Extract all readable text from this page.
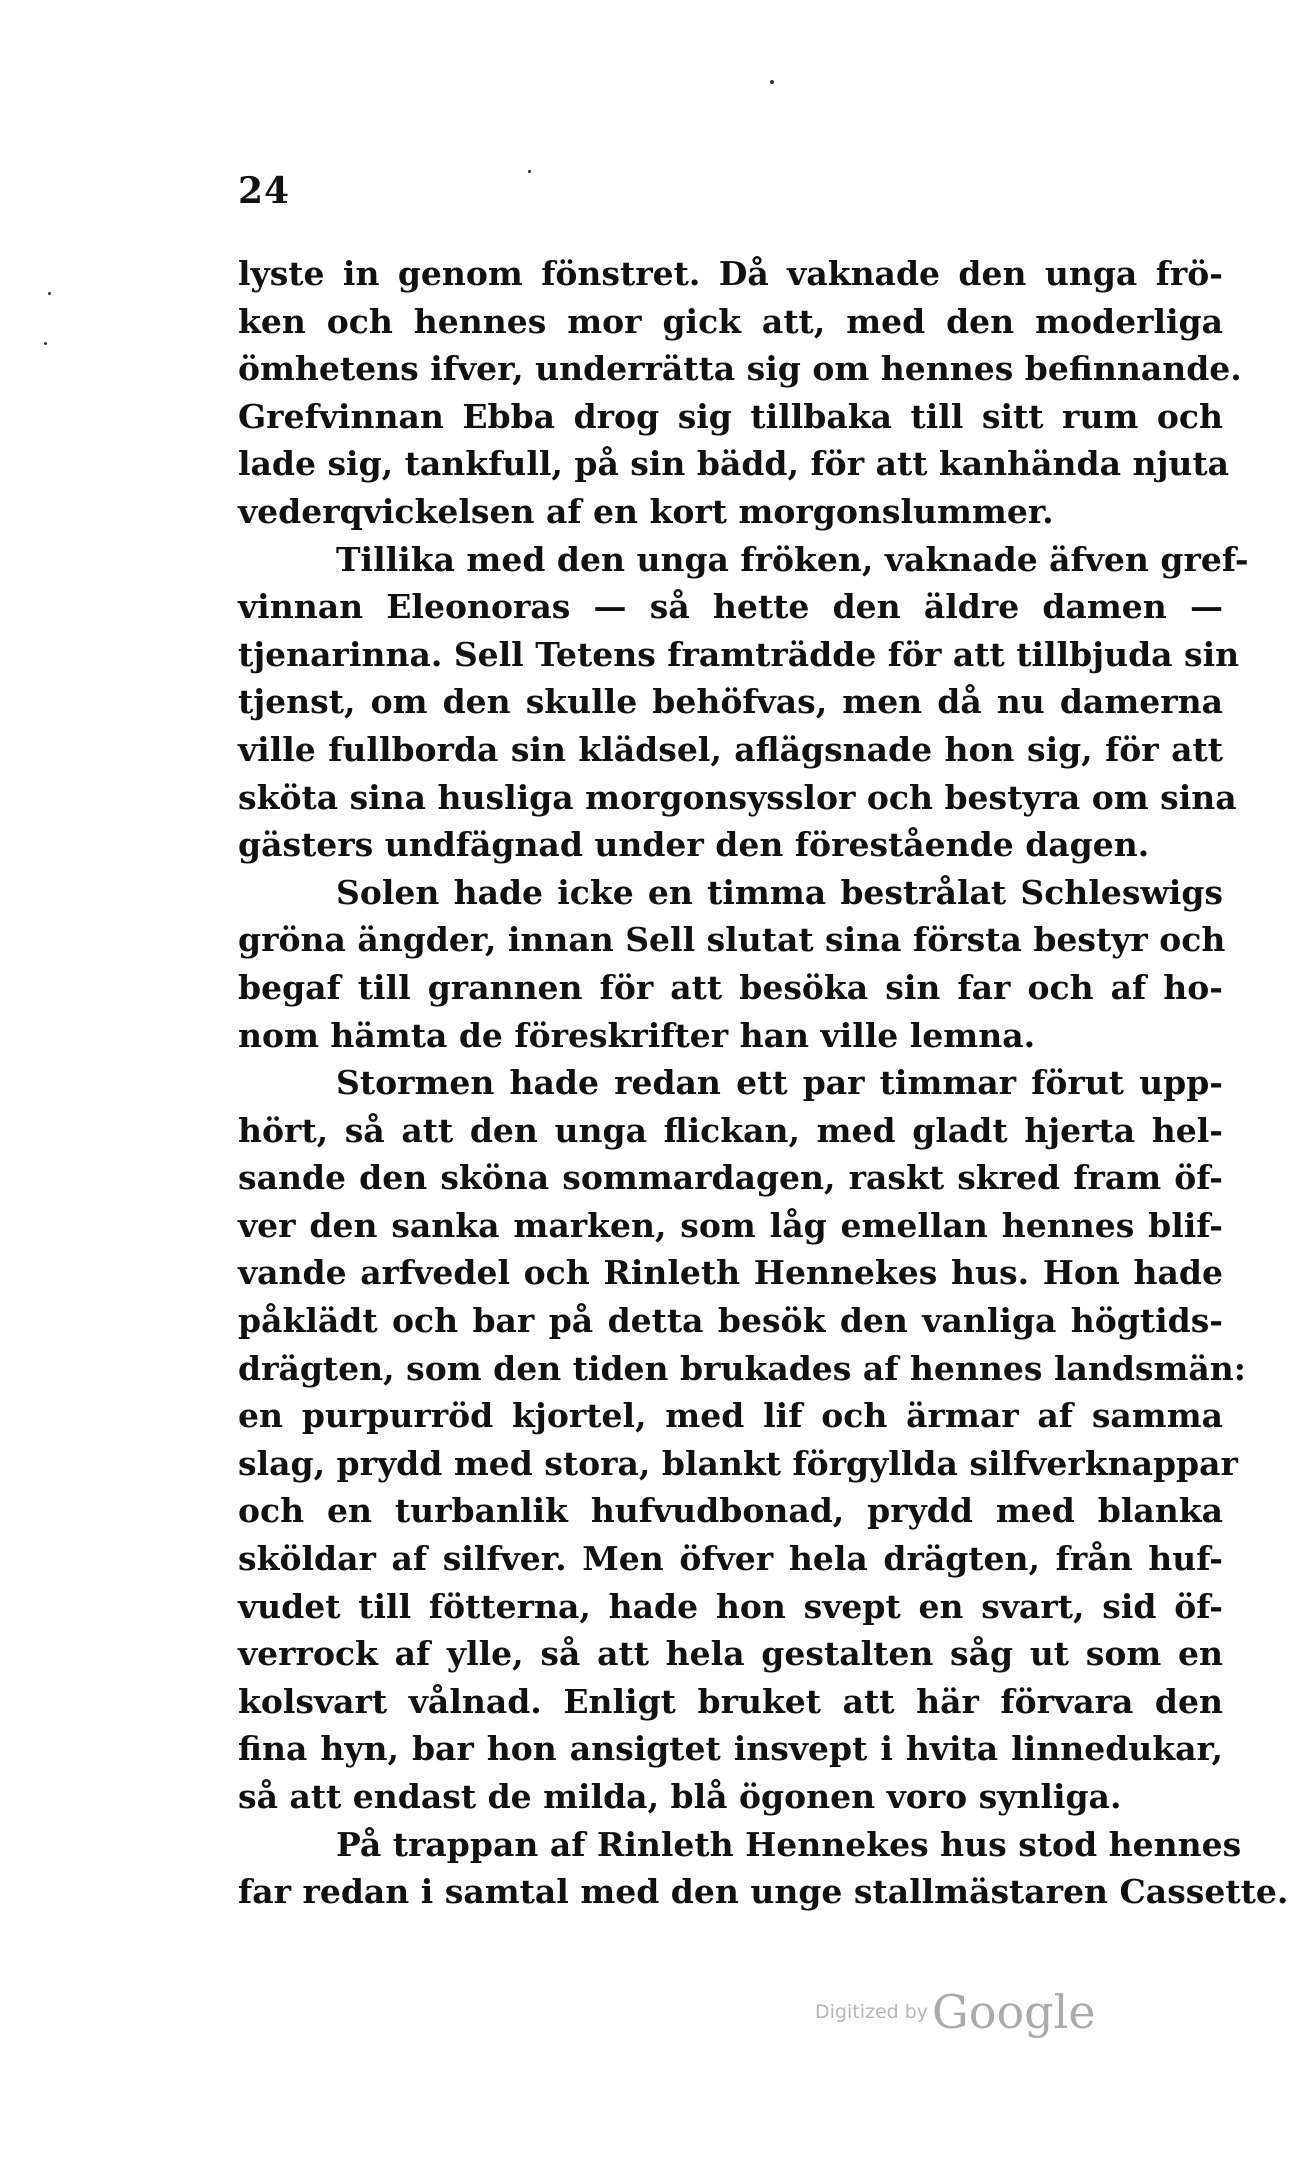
24
lyste in genom fönstret. Då vaknade den unga frö-
ken och hennes mor gick att, med den moderliga
ömhetens ifver, underrätta sig om hennes befinnande.
Grefvinnan Ebba drog sig tillbaka till sitt rum och
lade sig, tankfull, på sin bädd, för att kanhända njuta
vederqvickelsen af en kort morgonslummer.
Tillika med den unga fröken, vaknade äfven gref-
vinnan Eleonoras — så hette den äldre damen —
tjenarinna. Sell Tetens framträdde för att tillbjuda sin
tjenst, om den skulle behöfvas, men då nu damerna
ville fullborda sin klädsel, aflägsnade hon sig, för att
sköta sina husliga morgonsysslor och bestyra om sina
gästers undfägnad under den förestående dagen.
Solen hade icke en timma bestrålat Schleswigs
gröna ängder, innan Sell slutat sina första bestyr och
begaf till grannen för att besöka sin far och af ho-
nom hämta de föreskrifter han ville lemna.
Stormen hade redan ett par timmar förut upp-
hört, så att den unga flickan, med gladt hjerta hel-
sande den sköna sommardagen, raskt skred fram öf-
ver den sanka marken, som låg emellan hennes blif-
vande arfvedel och Rinleth Hennekes hus. Hon hade
påklädt och bar på detta besök den vanliga högtids-
drägten, som den tiden brukades af hennes landsmän:
en purpurröd kjortel, med lif och ärmar af samma
slag, prydd med stora, blankt förgyllda silfverknappar
och en turbanlik hufvudbonad, prydd med blanka
sköldar af silfver. Men öfver hela drägten, från huf-
vudet till fötterna, hade hon svept en svart, sid öf-
verrock af ylle, så att hela gestalten såg ut som en
kolsvart vålnad. Enligt bruket att här förvara den
fina hyn, bar hon ansigtet insvept i hvita linnedukar,
så att endast de milda, blå ögonen voro synliga.
På trappan af Rinleth Hennekes hus stod hennes
far redan i samtal med den unge stallmästaren Cassette.
Digitized by Google
